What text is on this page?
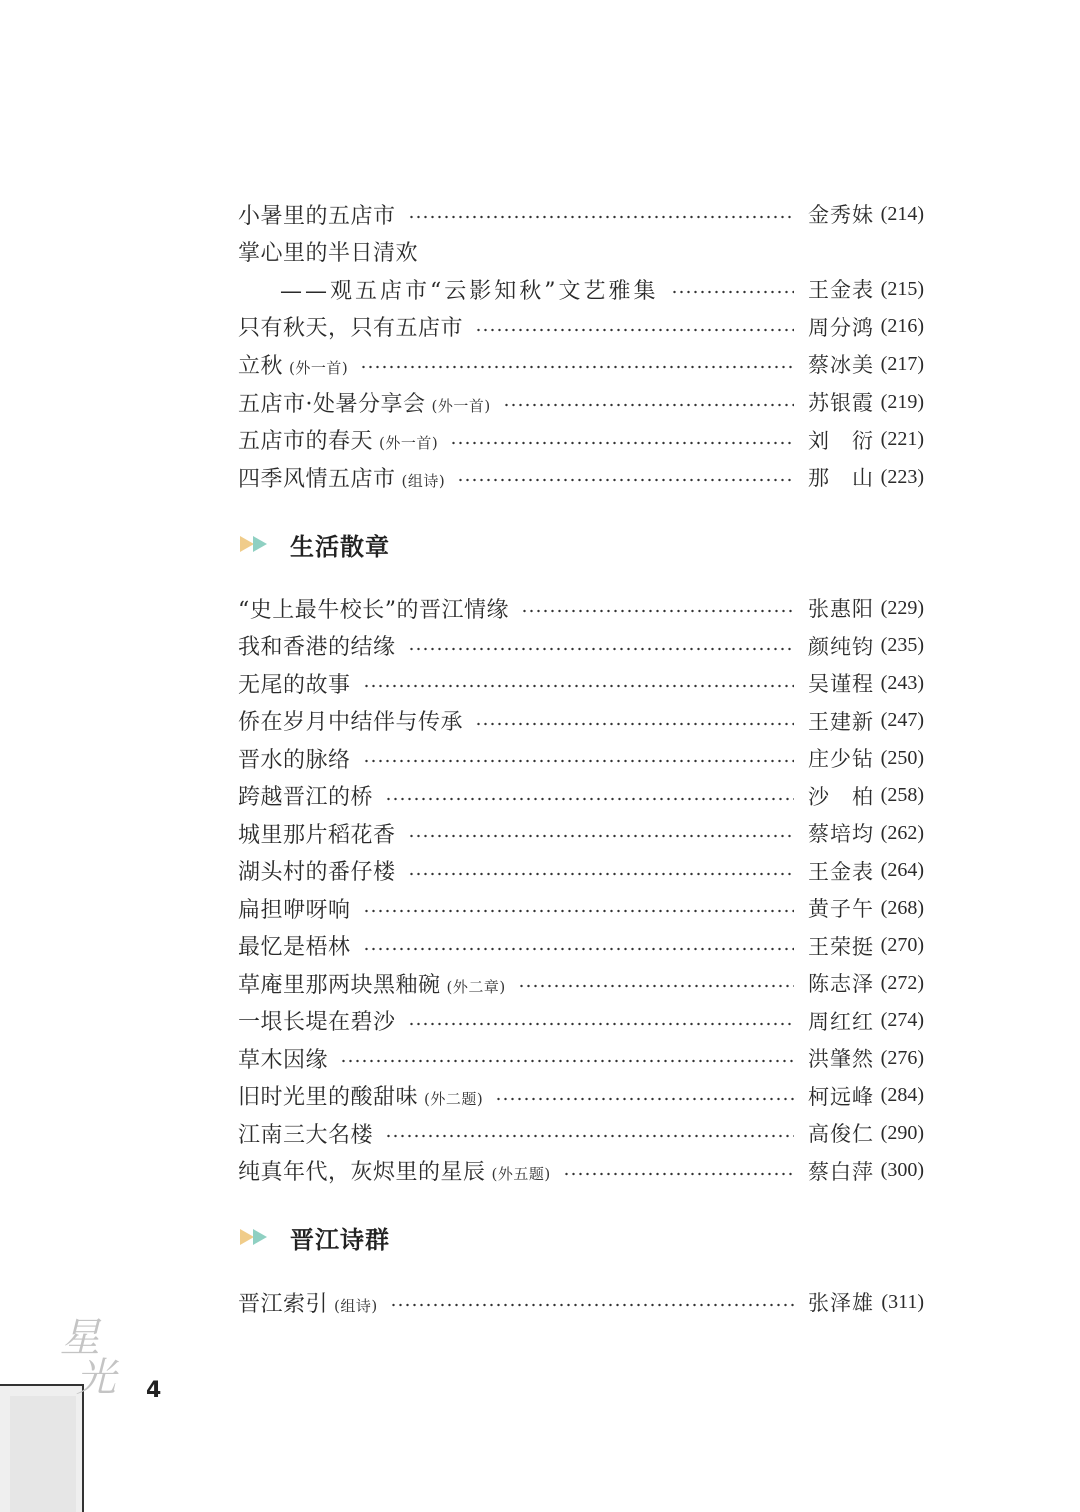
小暑里的五店市	金秀妹 (214)
掌心里的半日清欢
——观五店市“云影知秋”文艺雅集	王金表 (215)
只有秋天，只有五店市	周分鸿 (216)
立秋 (外一首)	蔡冰美 (217)
五店市·处暑分享会 (外一首)	苏银霞 (219)
五店市的春天 (外一首)	刘 衍 (221)
四季风情五店市 (组诗)	那 山 (223)
生活散章
“史上最牛校长”的晋江情缘	张惠阳 (229)
我和香港的结缘	颜纯钧 (235)
无尾的故事	吴谨程 (243)
侨在岁月中结伴与传承	王建新 (247)
晋水的脉络	庄少钻 (250)
跨越晋江的桥	沙 柏 (258)
城里那片稻花香	蔡培均 (262)
湖头村的番仔楼	王金表 (264)
扁担咿呀响	黄子午 (268)
最忆是梧林	王荣挺 (270)
草庵里那两块黑釉碗 (外二章)	陈志泽 (272)
一垠长堤在碧沙	周红红 (274)
草木因缘	洪肇然 (276)
旧时光里的酸甜味 (外二题)	柯远峰 (284)
江南三大名楼	高俊仁 (290)
纯真年代，灰烬里的星辰 (外五题)	蔡白萍 (300)
晋江诗群
晋江索引 (组诗)	张泽雄 (311)
星
光	4
